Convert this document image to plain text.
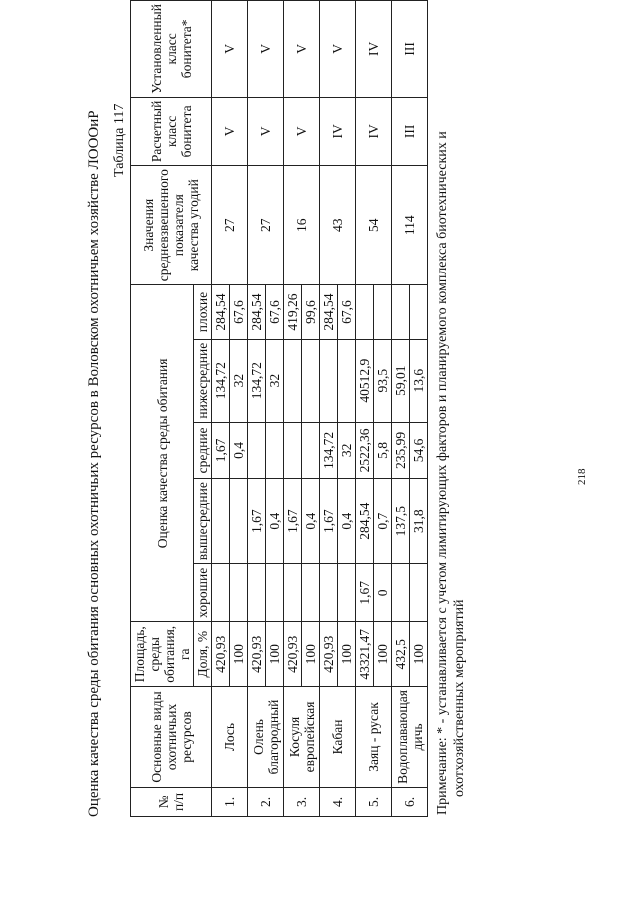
Оценка качества среды обитания основных охотничьих ресурсов в Воловском охотничьем хозяйстве ЛОООиР Таблица 117
№ п/п	Основные виды охотничьих ресурсов	Площадь, среды обитания, га	Оценка качества среды обитания					Значения средневзвешенного показателя качества угодий	Расчетный класс бонитета	Установленный класс бонитета*
		Доля, %	хорошие	вышесредние	средние	нижесредние	плохие			
1.	Лось	420,93			1,67	134,72	284,54	27	V	V
		100			0,4	32	67,6			
2.	Олень благородный	420,93		1,67		134,72	284,54	27	V	V
		100		0,4		32	67,6			
3.	Косуля европейская	420,93		1,67			419,26	16	V	V
		100		0,4			99,6			
4.	Кабан	420,93		1,67	134,72		284,54	43	IV	V
		100		0,4	32		67,6			
5.	Заяц - русак	43321,47	1,67	284,54	2522,36	40512,9		54	IV	IV
		100	0	0,7	5,8	93,5				
6.	Водоплавающая дичь	432,5		137,5	235,99	59,01		114	III	III
		100		31,8	54,6	13,6				Примечание: * - устанавливается с учетом лимитирующих факторов и планируемого комплекса биотехнических и охотхозяйственных мероприятий
218
